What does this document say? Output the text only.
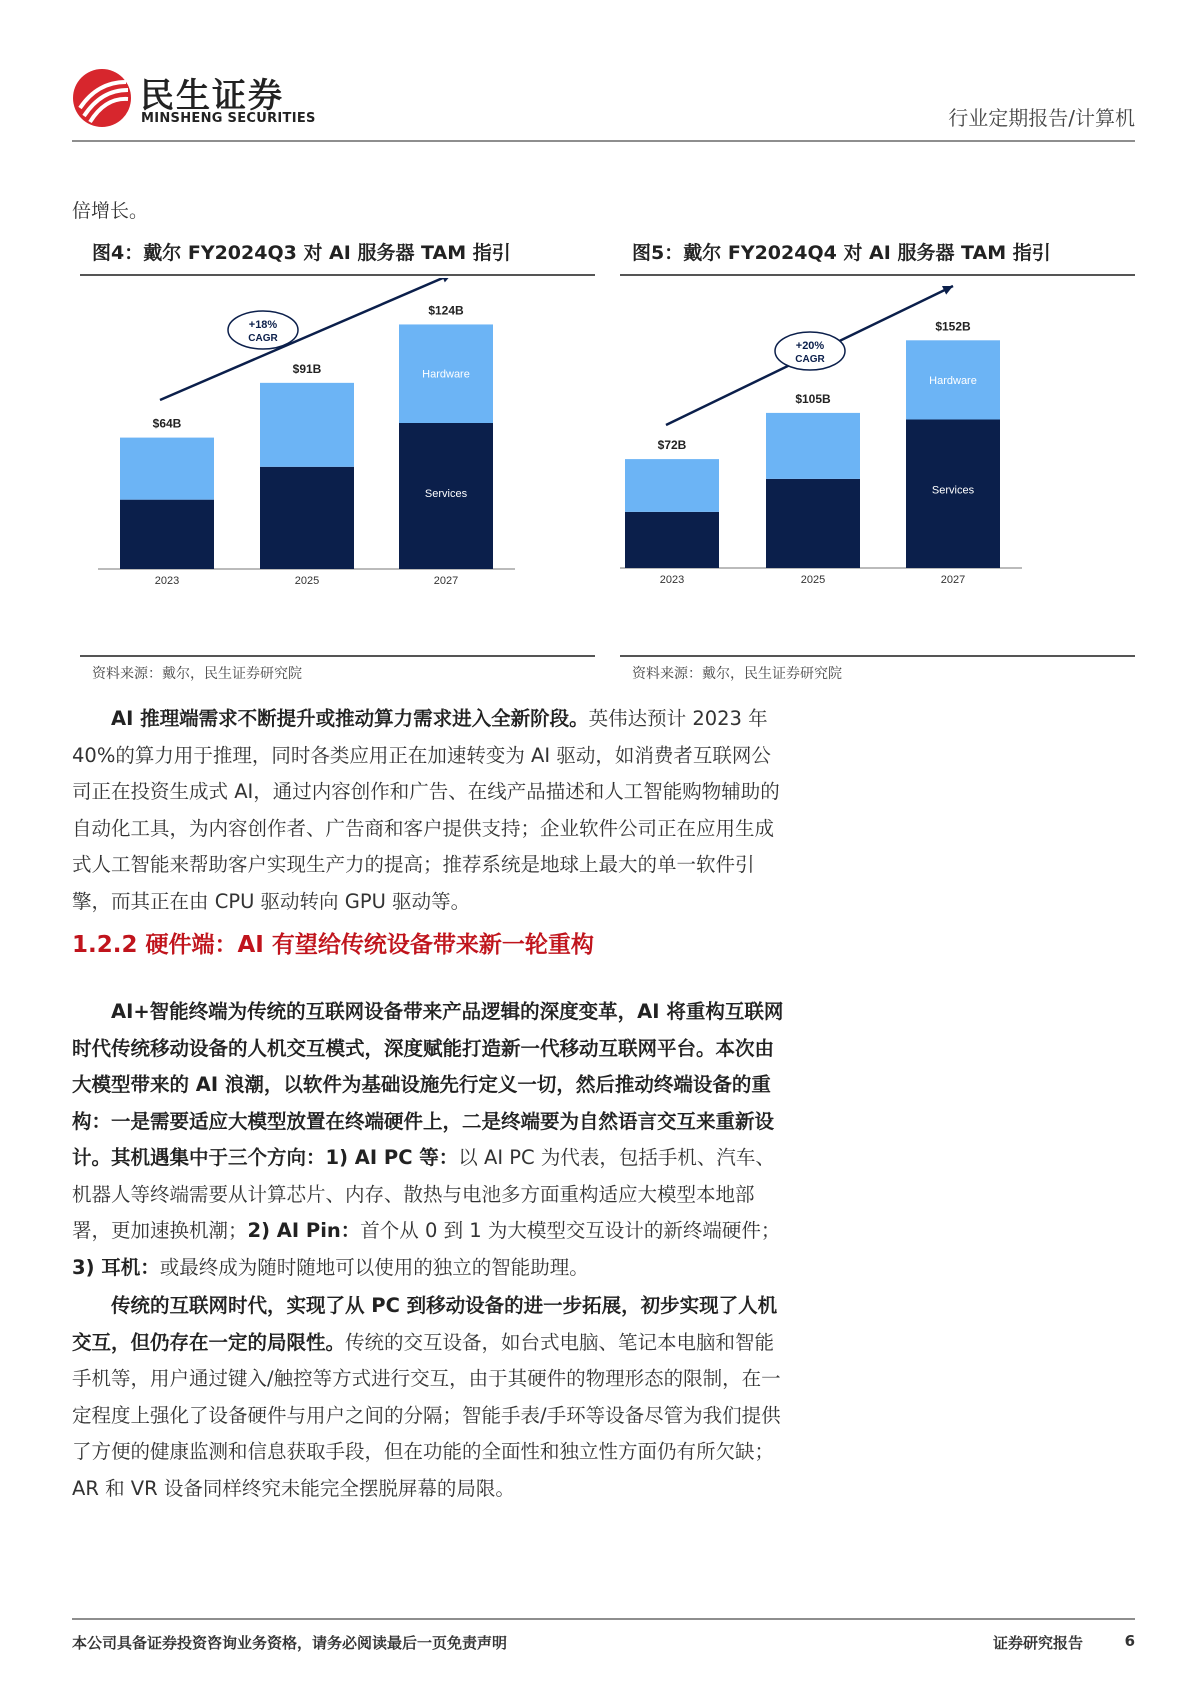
民生证券
MINSHENG SECURITIES	行业定期报告/计算机
倍增长。
图4：戴尔 FY2024Q3 对 AI 服务器 TAM 指引
$64B
2023
$91B
2025
$124B
2027
Hardware
Services
+18%
CAGR
资料来源：戴尔，民生证券研究院
图5：戴尔 FY2024Q4 对 AI 服务器 TAM 指引
$72B
2023
$105B
2025
$152B
2027
Hardware
Services
+20%
CAGR
资料来源：戴尔，民生证券研究院

  AI 推理端需求不断提升或推动算力需求进入全新阶段。英伟达预计 2023 年40%的算力用于推理，同时各类应用正在加速转变为 AI 驱动，如消费者互联网公司正在投资生成式 AI，通过内容创作和广告、在线产品描述和人工智能购物辅助的自动化工具，为内容创作者、广告商和客户提供支持；企业软件公司正在应用生成式人工智能来帮助客户实现生产力的提高；推荐系统是地球上最大的单一软件引擎，而其正在由 CPU 驱动转向 GPU 驱动等。

1.2.2 硬件端：AI 有望给传统设备带来新一轮重构

  AI+智能终端为传统的互联网设备带来产品逻辑的深度变革，AI 将重构互联网时代传统移动设备的人机交互模式，深度赋能打造新一代移动互联网平台。本次由大模型带来的 AI 浪潮，以软件为基础设施先行定义一切，然后推动终端设备的重构：一是需要适应大模型放置在终端硬件上，二是终端要为自然语言交互来重新设计。其机遇集中于三个方向：1) AI PC 等：以 AI PC 为代表，包括手机、汽车、机器人等终端需要从计算芯片、内存、散热与电池多方面重构适应大模型本地部署，更加速换机潮；2) AI Pin：首个从 0 到 1 为大模型交互设计的新终端硬件；3) 耳机：或最终成为随时随地可以使用的独立的智能助理。

  传统的互联网时代，实现了从 PC 到移动设备的进一步拓展，初步实现了人机交互，但仍存在一定的局限性。传统的交互设备，如台式电脑、笔记本电脑和智能手机等，用户通过键入/触控等方式进行交互，由于其硬件的物理形态的限制，在一定程度上强化了设备硬件与用户之间的分隔；智能手表/手环等设备尽管为我们提供了方便的健康监测和信息获取手段，但在功能的全面性和独立性方面仍有所欠缺；AR 和 VR 设备同样终究未能完全摆脱屏幕的局限。

本公司具备证券投资咨询业务资格，请务必阅读最后一页免责声明	证券研究报告	6
